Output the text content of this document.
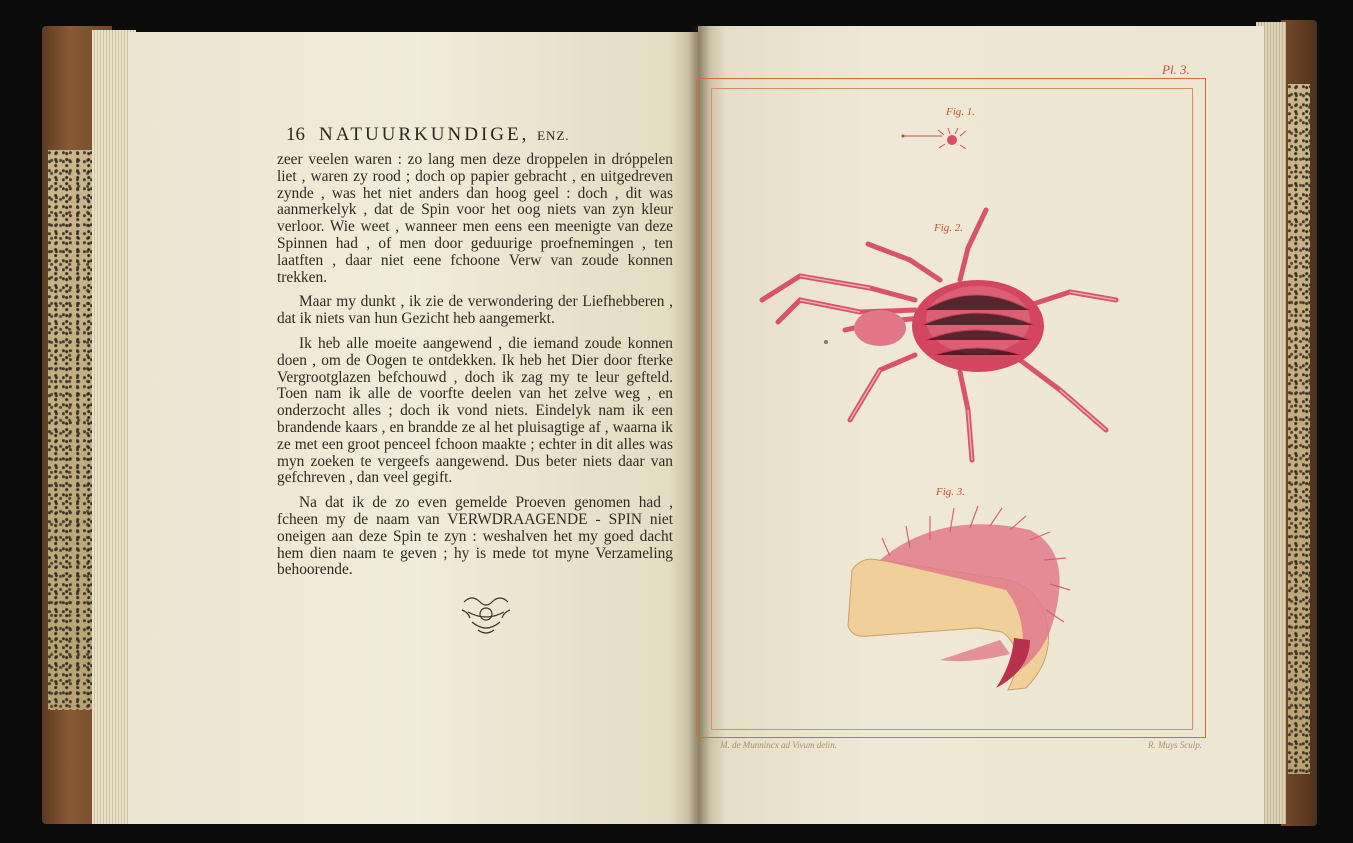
16 NATUURKUNDIGE, ENZ.

zeer veelen waren : zo lang men deze droppelen in dróppelen liet , waren zy rood ; doch op papier gebracht , en uitgedreven zynde , was het niet anders dan hoog geel : doch , dit was aanmerkelyk , dat de Spin voor het oog niets van zyn kleur verloor. Wie weet , wanneer men eens een meenigte van deze Spinnen had , of men door geduurige proefnemingen , ten laatften , daar niet eene fchoone Verw van zoude konnen trekken.

Maar my dunkt , ik zie de verwondering der Liefhebberen , dat ik niets van hun Gezicht heb aangemerkt.

Ik heb alle moeite aangewend , die iemand zoude konnen doen , om de Oogen te ontdekken. Ik heb het Dier door fterke Vergrootglazen befchouwd , doch ik zag my te leur gefteld. Toen nam ik alle de voorfte deelen van het zelve weg , en onderzocht alles ; doch ik vond niets. Eindelyk nam ik een brandende kaars , en brandde ze al het pluisagtige af , waarna ik ze met een groot penceel fchoon maakte ; echter in dit alles was myn zoeken te vergeefs aangewend. Dus beter niets daar van gefchreven , dan veel gegift.

Na dat ik de zo even gemelde Proeven genomen had , fcheen my de naam van VERWDRAAGENDE - SPIN niet oneigen aan deze Spin te zyn : weshalven het my goed dacht hem dien naam te geven ; hy is mede tot myne Verzameling behoorende.

Pl. 3.
Fig. 1.
Fig. 2.
Fig. 3.
M. de Munnincx ad Vivum delin.	R. Muys Sculp.
